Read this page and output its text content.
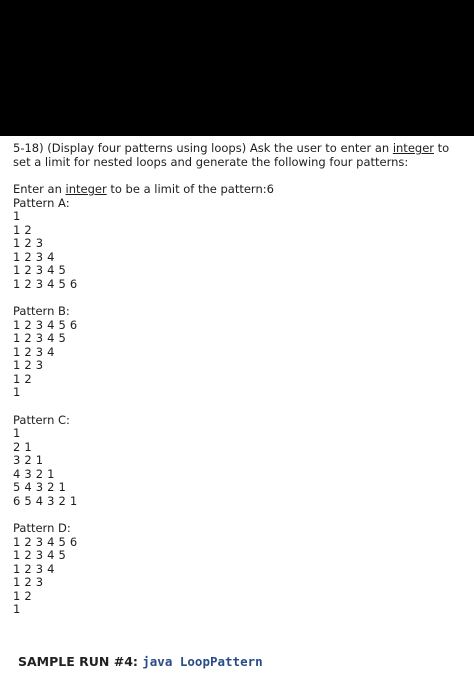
5-18) (Display four patterns using loops) Ask the user to enter an integer to

set a limit for nested loops and generate the following four patterns:

Enter an integer to be a limit of the pattern:6

Pattern A:

1

1 2

1 2 3

1 2 3 4

1 2 3 4 5

1 2 3 4 5 6

Pattern B:

1 2 3 4 5 6

1 2 3 4 5

1 2 3 4

1 2 3

1 2

1

Pattern C:

1

2 1

3 2 1

4 3 2 1

5 4 3 2 1

6 5 4 3 2 1

Pattern D:

1 2 3 4 5 6

1 2 3 4 5

1 2 3 4

1 2 3

1 2

1

SAMPLE RUN #4: java LoopPattern
